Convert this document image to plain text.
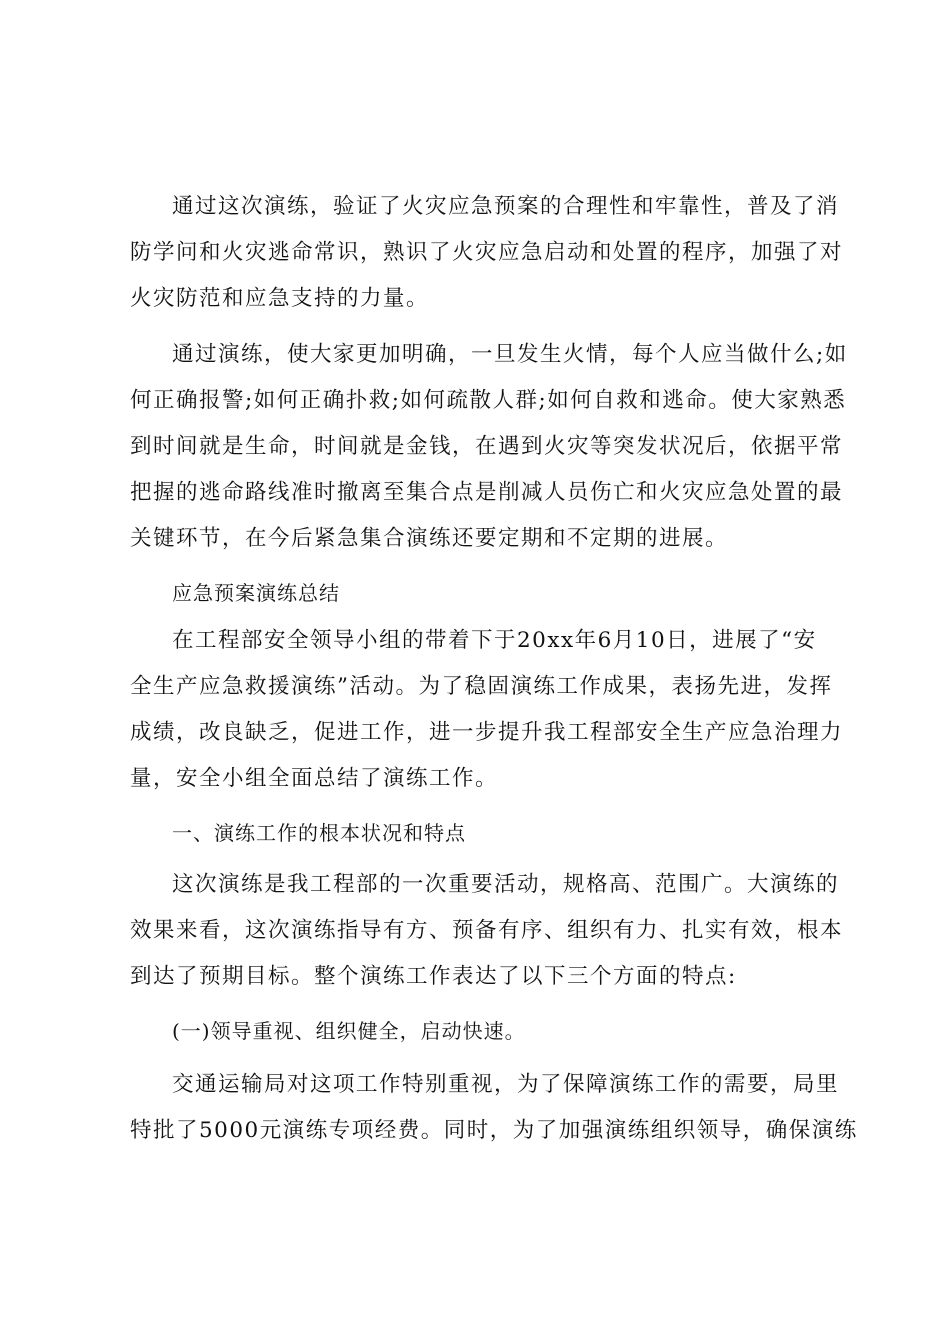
通过这次演练，验证了火灾应急预案的合理性和牢靠性，普及了消
防学问和火灾逃命常识，熟识了火灾应急启动和处置的程序，加强了对
火灾防范和应急支持的力量。
通过演练，使大家更加明确，一旦发生火情，每个人应当做什么;如
何正确报警;如何正确扑救;如何疏散人群;如何自救和逃命。使大家熟悉
到时间就是生命，时间就是金钱，在遇到火灾等突发状况后，依据平常
把握的逃命路线准时撤离至集合点是削减人员伤亡和火灾应急处置的最
关键环节，在今后紧急集合演练还要定期和不定期的进展。
应急预案演练总结
在工程部安全领导小组的带着下于20xx年6月10日，进展了“安
全生产应急救援演练”活动。为了稳固演练工作成果，表扬先进，发挥
成绩，改良缺乏，促进工作，进一步提升我工程部安全生产应急治理力
量，安全小组全面总结了演练工作。
一、演练工作的根本状况和特点
这次演练是我工程部的一次重要活动，规格高、范围广。大演练的
效果来看，这次演练指导有方、预备有序、组织有力、扎实有效，根本
到达了预期目标。整个演练工作表达了以下三个方面的特点:
(一)领导重视、组织健全，启动快速。
交通运输局对这项工作特别重视，为了保障演练工作的需要，局里
特批了5000元演练专项经费。同时，为了加强演练组织领导，确保演练
